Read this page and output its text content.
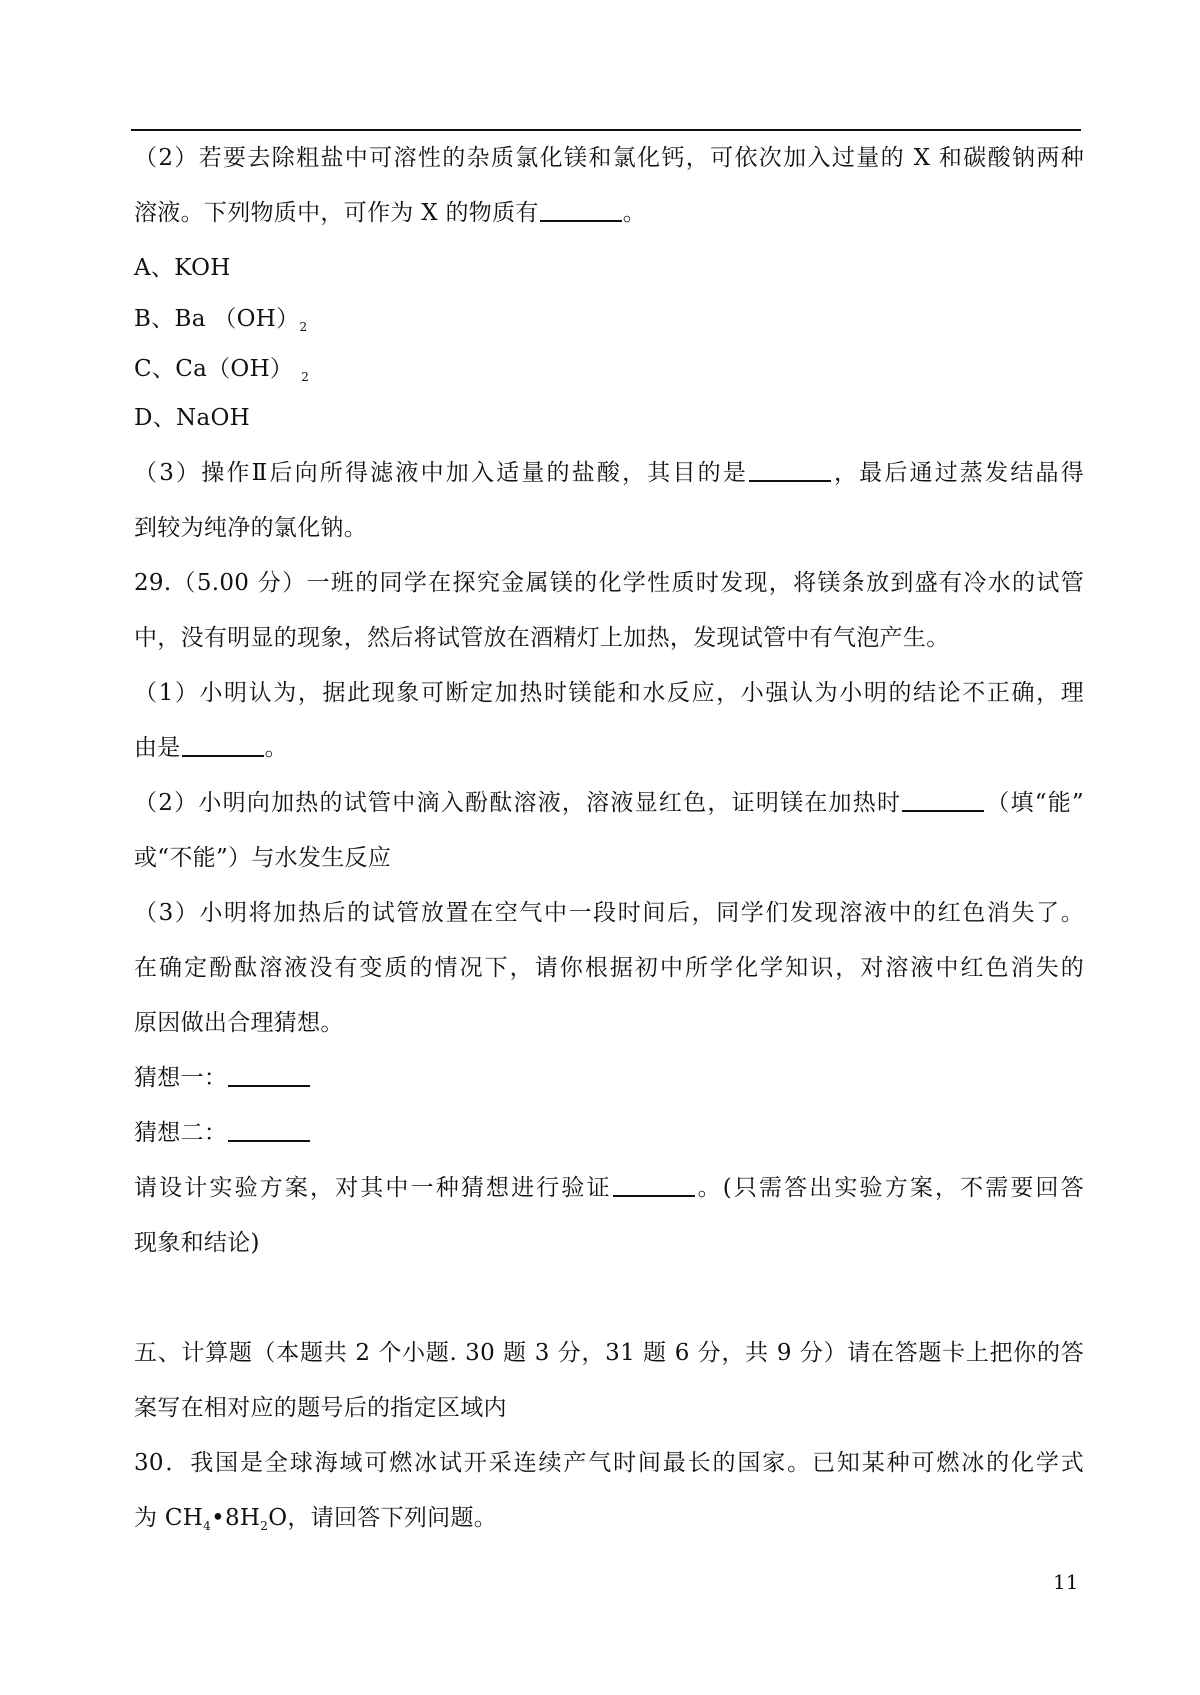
（2）若要去除粗盐中可溶性的杂质氯化镁和氯化钙，可依次加入过量的 X 和碳酸钠两种
溶液。下列物质中，可作为 X 的物质有	。
A、KOH
B、Ba $(OH)_2$
C、Ca（OH） $_2$
D、NaOH
（3）操作Ⅱ后向所得滤液中加入适量的盐酸，其目的是	，最后通过蒸发结晶得
到较为纯净的氯化钠。
29.（5.00 分）一班的同学在探究金属镁的化学性质时发现，将镁条放到盛有冷水的试管
中，没有明显的现象，然后将试管放在酒精灯上加热，发现试管中有气泡产生。
（1）小明认为，据此现象可断定加热时镁能和水反应，小强认为小明的结论不正确，理
由是	。
（2）小明向加热的试管中滴入酚酞溶液，溶液显红色，证明镁在加热时	（填“能”
或“不能”）与水发生反应
（3）小明将加热后的试管放置在空气中一段时间后，同学们发现溶液中的红色消失了。
在确定酚酞溶液没有变质的情况下，请你根据初中所学化学知识，对溶液中红色消失的
原因做出合理猜想。
猜想一：
猜想二：
请设计实验方案，对其中一种猜想进行验证	。(只需答出实验方案，不需要回答
现象和结论)
五、计算题（本题共 2 个小题. 30 题 3 分，31 题 6 分，共 9 分）请在答题卡上把你的答
案写在相对应的题号后的指定区域内
30．我国是全球海域可燃冰试开采连续产气时间最长的国家。已知某种可燃冰的化学式
为 $CH_4•8H_2O$，请回答下列问题。
11
